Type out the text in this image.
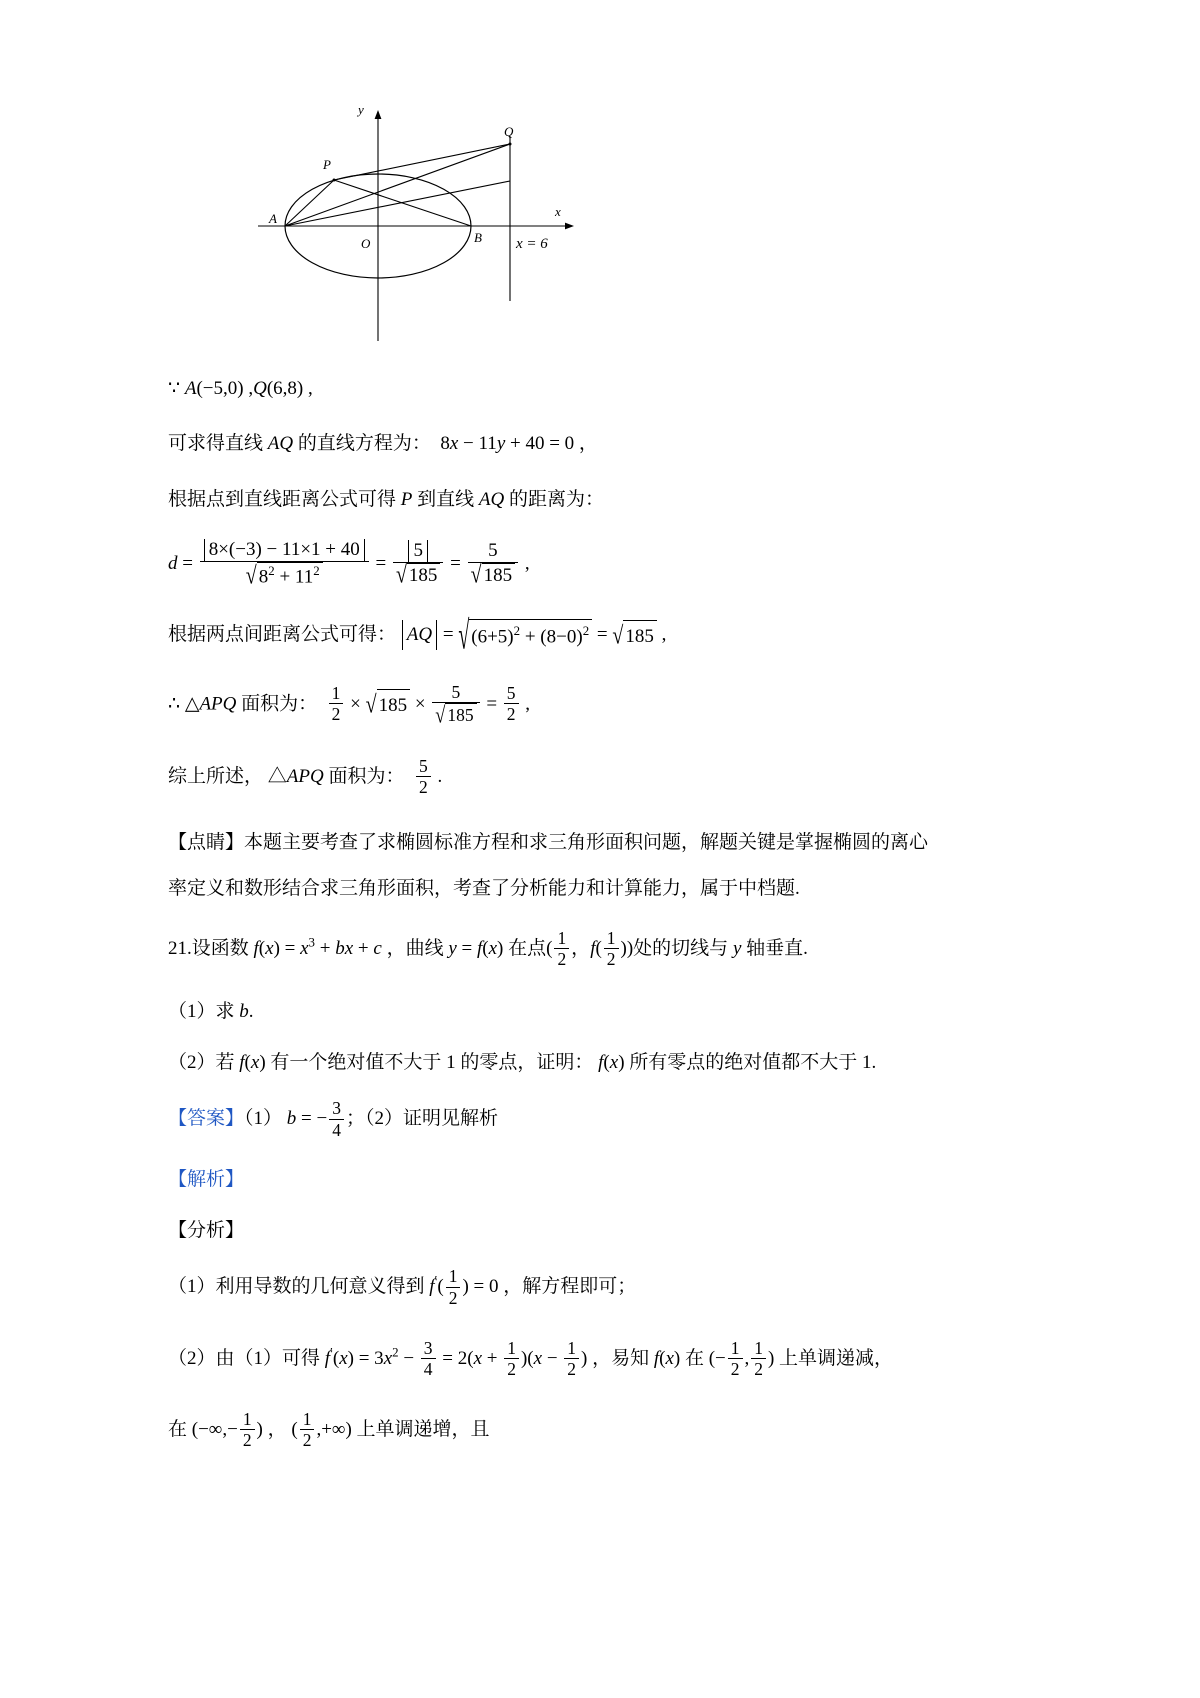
y
x
O
A
B
P
Q
x = 6

∵ A(−5,0) ,Q(6,8) ,

可求得直线 AQ 的直线方程为：  8x − 11y + 40 = 0 ，

根据点到直线距离公式可得 P 到直线 AQ 的距离为：

$d = \frac{8\times(-3) - 11\times 1 + 40}{√ 8^2 + 11^2} = \frac{5}{√ 185} = \frac{5}{√ 185}$ ,

根据两点间距离公式可得： AQ = √ $(6+5)^2 + (8-0)^2$ = √ 185 ,

∴ △APQ 面积为： $\frac{1}{2}$ × √ $185 \times \frac{5}{√ 185} = \frac{5}{2}$ ,

综上所述， △APQ 面积为： $\frac{5}{2}$ .

【点睛】本题主要考查了求椭圆标准方程和求三角形面积问题，解题关键是掌握椭圆的离心

率定义和数形结合求三角形面积，考查了分析能力和计算能力，属于中档题.

21.设函数 $f(x) = x^3$ + bx + c ，曲线 y = f(x) 在点( $\frac{1}{2}$ ，$f( \frac{1}{2}$ ))处的切线与 y 轴垂直.

（1）求 b.

（2）若 f(x) 有一个绝对值不大于 1 的零点，证明： f(x) 所有零点的绝对值都不大于 1.

【答案】（1） b = − $\frac{3}{4}$ ；（2）证明见解析

【解析】

【分析】

（1）利用导数的几何意义得到 $f'( \frac{1}{2}$ ) = 0 ，解方程即可；

（2）由（1）可得 $f'(x) = 3x^2 - \frac{3}{4} = 2(x + \frac{1}{2} )(x - \frac{1}{2}$ ) ，易知 f(x) 在 (− $\frac{1}{2}$ , $\frac{1}{2}$ ) 上单调递减，

在 (−∞,− $\frac{1}{2}$ ) ， ( $\frac{1}{2}$ ,+∞) 上单调递增，且
